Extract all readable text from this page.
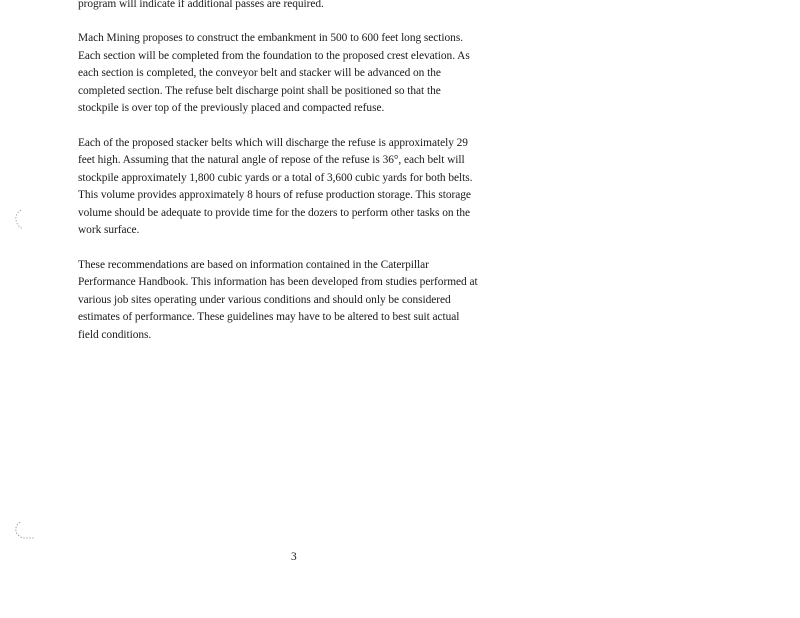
program will indicate if additional passes are required.
Mach Mining proposes to construct the embankment in 500 to 600 feet long sections.
Each section will be completed from the foundation to the proposed crest elevation. As
each section is completed, the conveyor belt and stacker will be advanced on the
completed section. The refuse belt discharge point shall be positioned so that the
stockpile is over top of the previously placed and compacted refuse.
Each of the proposed stacker belts which will discharge the refuse is approximately 29
feet high. Assuming that the natural angle of repose of the refuse is 36°, each belt will
stockpile approximately 1,800 cubic yards or a total of 3,600 cubic yards for both belts.
This volume provides approximately 8 hours of refuse production storage. This storage
volume should be adequate to provide time for the dozers to perform other tasks on the
work surface.
These recommendations are based on information contained in the Caterpillar
Performance Handbook. This information has been developed from studies performed at
various job sites operating under various conditions and should only be considered
estimates of performance. These guidelines may have to be altered to best suit actual
field conditions.
3
